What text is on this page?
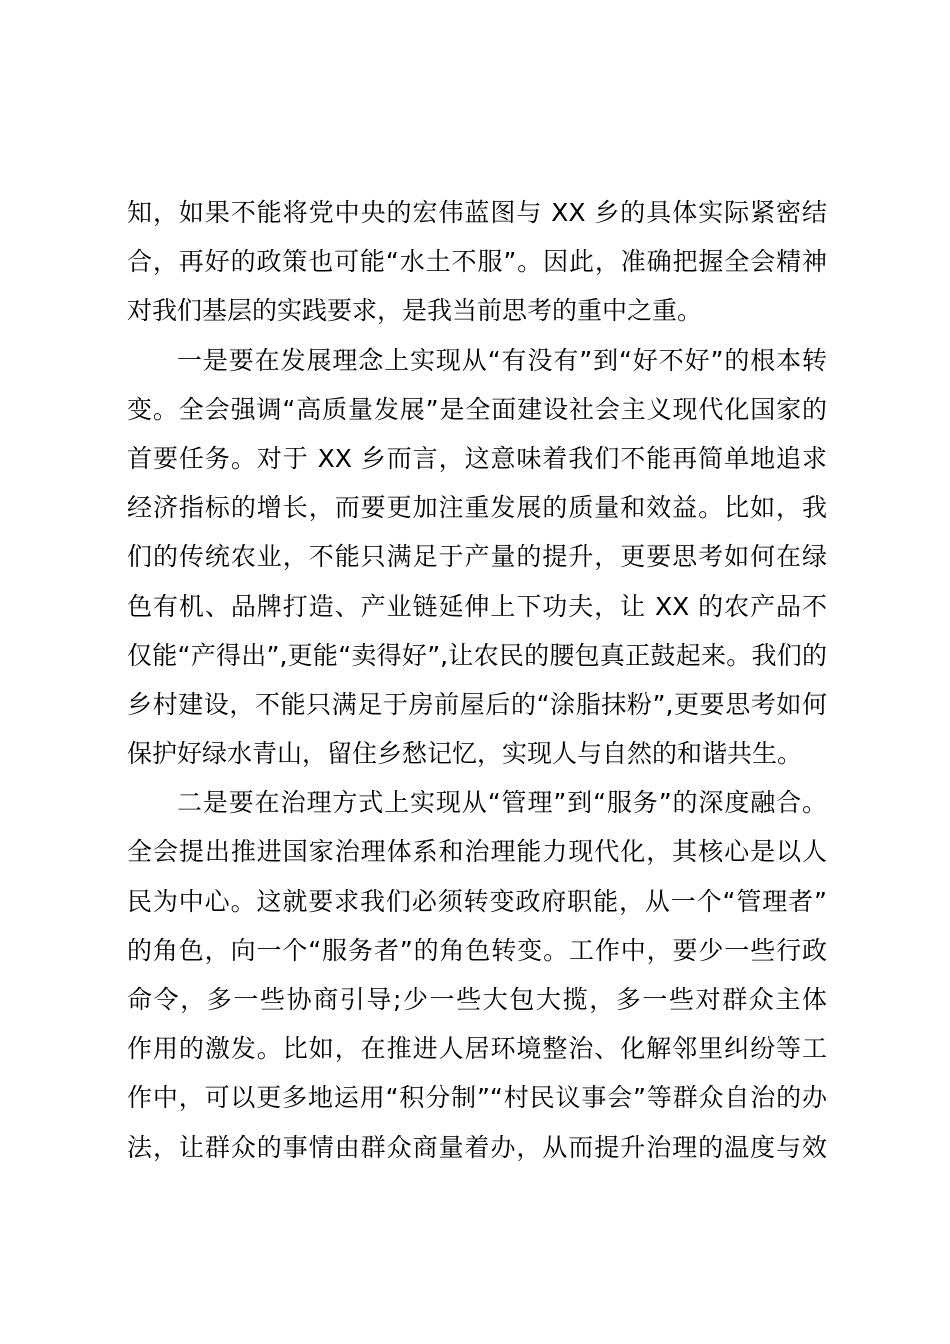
知，如果不能将党中央的宏伟蓝图与 XX 乡的具体实际紧密结
合，再好的政策也可能“水土不服”。因此，准确把握全会精神
对我们基层的实践要求，是我当前思考的重中之重。
一是要在发展理念上实现从“有没有”到“好不好”的根本转
变。全会强调“高质量发展”是全面建设社会主义现代化国家的
首要任务。对于 XX 乡而言，这意味着我们不能再简单地追求
经济指标的增长，而要更加注重发展的质量和效益。比如，我
们的传统农业，不能只满足于产量的提升，更要思考如何在绿
色有机、品牌打造、产业链延伸上下功夫，让 XX 的农产品不
仅能“产得出”,更能“卖得好”,让农民的腰包真正鼓起来。我们的
乡村建设，不能只满足于房前屋后的“涂脂抹粉”,更要思考如何
保护好绿水青山，留住乡愁记忆，实现人与自然的和谐共生。
二是要在治理方式上实现从“管理”到“服务”的深度融合。
全会提出推进国家治理体系和治理能力现代化，其核心是以人
民为中心。这就要求我们必须转变政府职能，从一个“管理者”
的角色，向一个“服务者”的角色转变。工作中，要少一些行政
命令，多一些协商引导;少一些大包大揽，多一些对群众主体
作用的激发。比如，在推进人居环境整治、化解邻里纠纷等工
作中，可以更多地运用“积分制”“村民议事会”等群众自治的办
法，让群众的事情由群众商量着办，从而提升治理的温度与效
